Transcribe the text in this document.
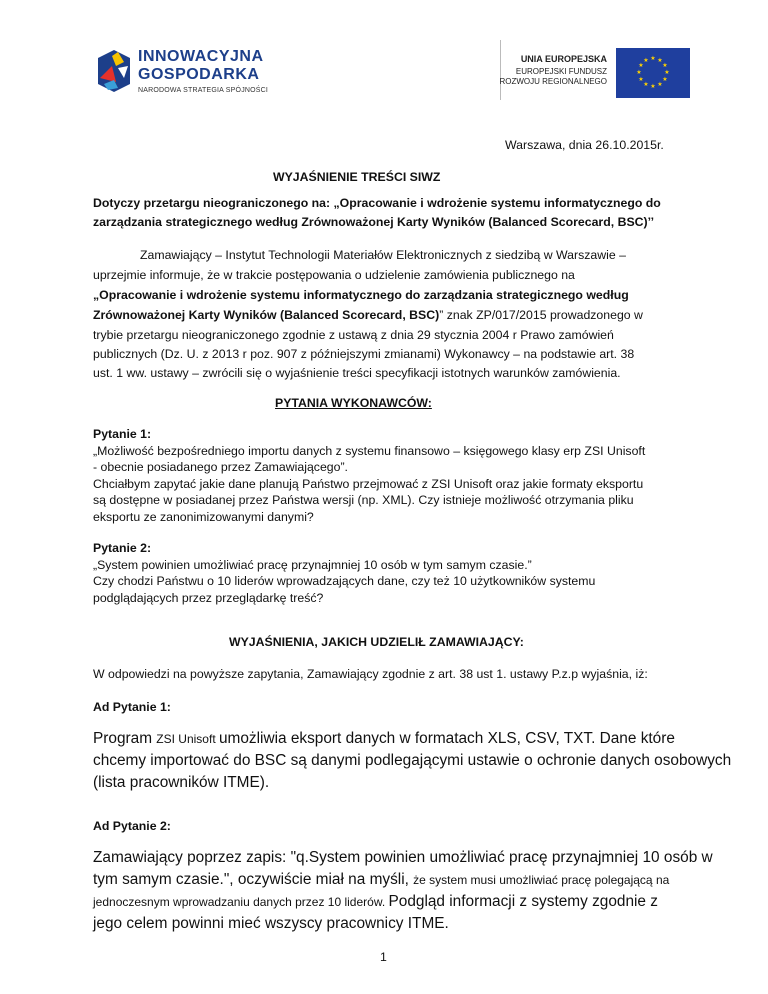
INNOWACYJNA
GOSPODARKA
NARODOWA STRATEGIA SPÓJNOŚCI
UNIA EUROPEJSKA
EUROPEJSKI FUNDUSZ
ROZWOJU REGIONALNEGO
★ ★
★
★
★
★
★
★
★
★
★
★
Warszawa, dnia 26.10.2015r.
WYJAŚNIENIE TREŚCI SIWZ
Dotyczy przetargu nieograniczonego na: „Opracowanie i wdrożenie systemu informatycznego do
zarządzania strategicznego według Zrównoważonej Karty Wyników (Balanced Scorecard, BSC)’’
Zamawiający – Instytut Technologii Materiałów Elektronicznych z siedzibą w Warszawie –
uprzejmie informuje, że w trakcie postępowania o udzielenie zamówienia publicznego na
„Opracowanie i wdrożenie systemu informatycznego do zarządzania strategicznego według
Zrównoważonej Karty Wyników (Balanced Scorecard, BSC)” znak ZP/017/2015 prowadzonego w
trybie przetargu nieograniczonego zgodnie z ustawą z dnia 29 stycznia 2004 r Prawo zamówień
publicznych (Dz. U. z 2013 r poz. 907 z późniejszymi zmianami) Wykonawcy – na podstawie art. 38
ust. 1 ww. ustawy – zwrócili się o wyjaśnienie treści specyfikacji istotnych warunków zamówienia.
PYTANIA WYKONAWCÓW:
Pytanie 1:
„Możliwość bezpośredniego importu danych z systemu finansowo – księgowego klasy erp ZSI Unisoft
- obecnie posiadanego przez Zamawiającego”.
Chciałbym zapytać jakie dane planują Państwo przejmować z ZSI Unisoft oraz jakie formaty eksportu
są dostępne w posiadanej przez Państwa wersji (np. XML). Czy istnieje możliwość otrzymania pliku
eksportu ze zanonimizowanymi danymi?
Pytanie 2:
„System powinien umożliwiać pracę przynajmniej 10 osób w tym samym czasie.”
Czy chodzi Państwu o 10 liderów wprowadzających dane, czy też 10 użytkowników systemu
podglądających przez przeglądarkę treść?
WYJAŚNIENIA, JAKICH UDZIELIŁ ZAMAWIAJĄCY:
W odpowiedzi na powyższe zapytania, Zamawiający zgodnie z art. 38 ust 1. ustawy P.z.p wyjaśnia, iż:
Ad Pytanie 1:
Program ZSI Unisoft umożliwia eksport danych w formatach XLS, CSV, TXT. Dane które
chcemy importować do BSC są danymi podlegającymi ustawie o ochronie danych osobowych
(lista pracowników ITME).
Ad Pytanie 2:
Zamawiający poprzez zapis: "q.System powinien umożliwiać pracę przynajmniej 10 osób w
tym samym czasie.", oczywiście miał na myśli, że system musi umożliwiać pracę polegającą na
jednoczesnym wprowadzaniu danych przez 10 liderów. Podgląd informacji z systemy zgodnie z
jego celem powinni mieć wszyscy pracownicy ITME.
1
